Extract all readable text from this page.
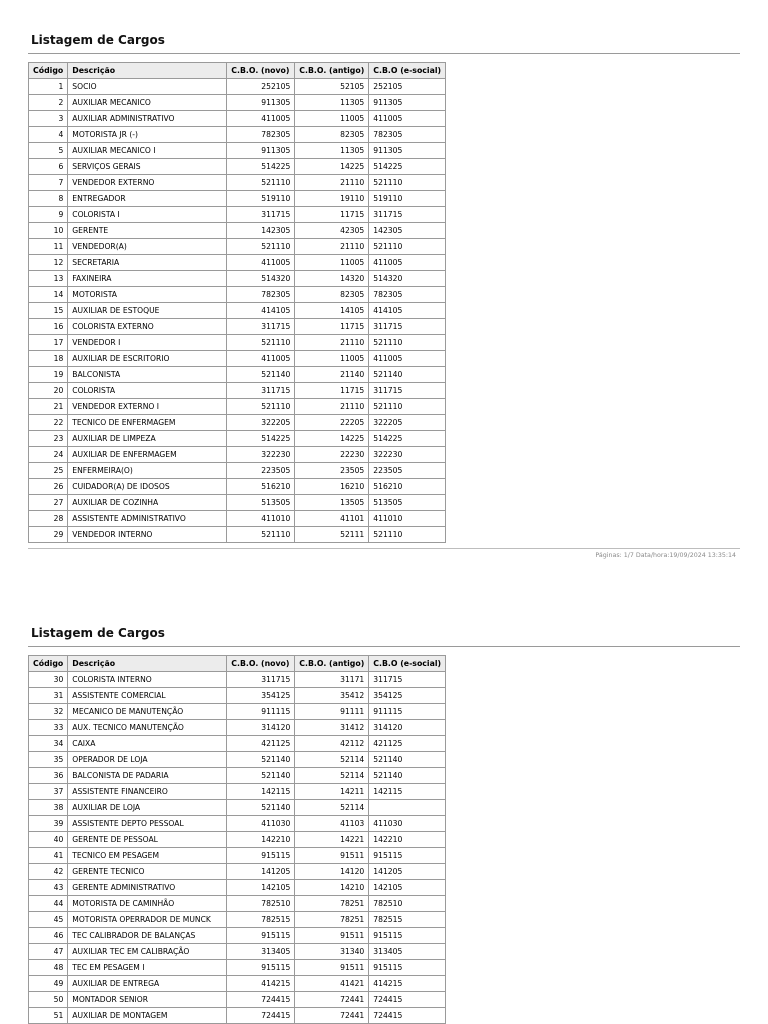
Listagem de Cargos
Código	Descrição	C.B.O. (novo)	C.B.O. (antigo)	C.B.O (e-social)
1	SOCIO	252105	52105	252105
2	AUXILIAR MECANICO	911305	11305	911305
3	AUXILIAR ADMINISTRATIVO	411005	11005	411005
4	MOTORISTA JR (-)	782305	82305	782305
5	AUXILIAR MECANICO I	911305	11305	911305
6	SERVIÇOS GERAIS	514225	14225	514225
7	VENDEDOR EXTERNO	521110	21110	521110
8	ENTREGADOR	519110	19110	519110
9	COLORISTA I	311715	11715	311715
10	GERENTE	142305	42305	142305
11	VENDEDOR(A)	521110	21110	521110
12	SECRETARIA	411005	11005	411005
13	FAXINEIRA	514320	14320	514320
14	MOTORISTA	782305	82305	782305
15	AUXILIAR DE ESTOQUE	414105	14105	414105
16	COLORISTA EXTERNO	311715	11715	311715
17	VENDEDOR I	521110	21110	521110
18	AUXILIAR DE ESCRITORIO	411005	11005	411005
19	BALCONISTA	521140	21140	521140
20	COLORISTA	311715	11715	311715
21	VENDEDOR EXTERNO I	521110	21110	521110
22	TECNICO DE ENFERMAGEM	322205	22205	322205
23	AUXILIAR DE LIMPEZA	514225	14225	514225
24	AUXILIAR DE ENFERMAGEM	322230	22230	322230
25	ENFERMEIRA(O)	223505	23505	223505
26	CUIDADOR(A) DE IDOSOS	516210	16210	516210
27	AUXILIAR DE COZINHA	513505	13505	513505
28	ASSISTENTE ADMINISTRATIVO	411010	41101	411010
29	VENDEDOR INTERNO	521110	52111	521110
Páginas: 1/7 Data/hora:19/09/2024 13:35:14
Listagem de Cargos
Código	Descrição	C.B.O. (novo)	C.B.O. (antigo)	C.B.O (e-social)
30	COLORISTA INTERNO	311715	31171	311715
31	ASSISTENTE COMERCIAL	354125	35412	354125
32	MECANICO DE MANUTENÇÃO	911115	91111	911115
33	AUX. TECNICO MANUTENÇÃO	314120	31412	314120
34	CAIXA	421125	42112	421125
35	OPERADOR DE LOJA	521140	52114	521140
36	BALCONISTA DE PADARIA	521140	52114	521140
37	ASSISTENTE FINANCEIRO	142115	14211	142115
38	AUXILIAR DE LOJA	521140	52114	
39	ASSISTENTE DEPTO PESSOAL	411030	41103	411030
40	GERENTE DE PESSOAL	142210	14221	142210
41	TECNICO EM PESAGEM	915115	91511	915115
42	GERENTE TECNICO	141205	14120	141205
43	GERENTE ADMINISTRATIVO	142105	14210	142105
44	MOTORISTA DE CAMINHÃO	782510	78251	782510
45	MOTORISTA OPERRADOR DE MUNCK	782515	78251	782515
46	TEC CALIBRADOR DE BALANÇAS	915115	91511	915115
47	AUXILIAR TEC EM CALIBRAÇÃO	313405	31340	313405
48	TEC EM PESAGEM I	915115	91511	915115
49	AUXILIAR DE ENTREGA	414215	41421	414215
50	MONTADOR SENIOR	724415	72441	724415
51	AUXILIAR DE MONTAGEM	724415	72441	724415
